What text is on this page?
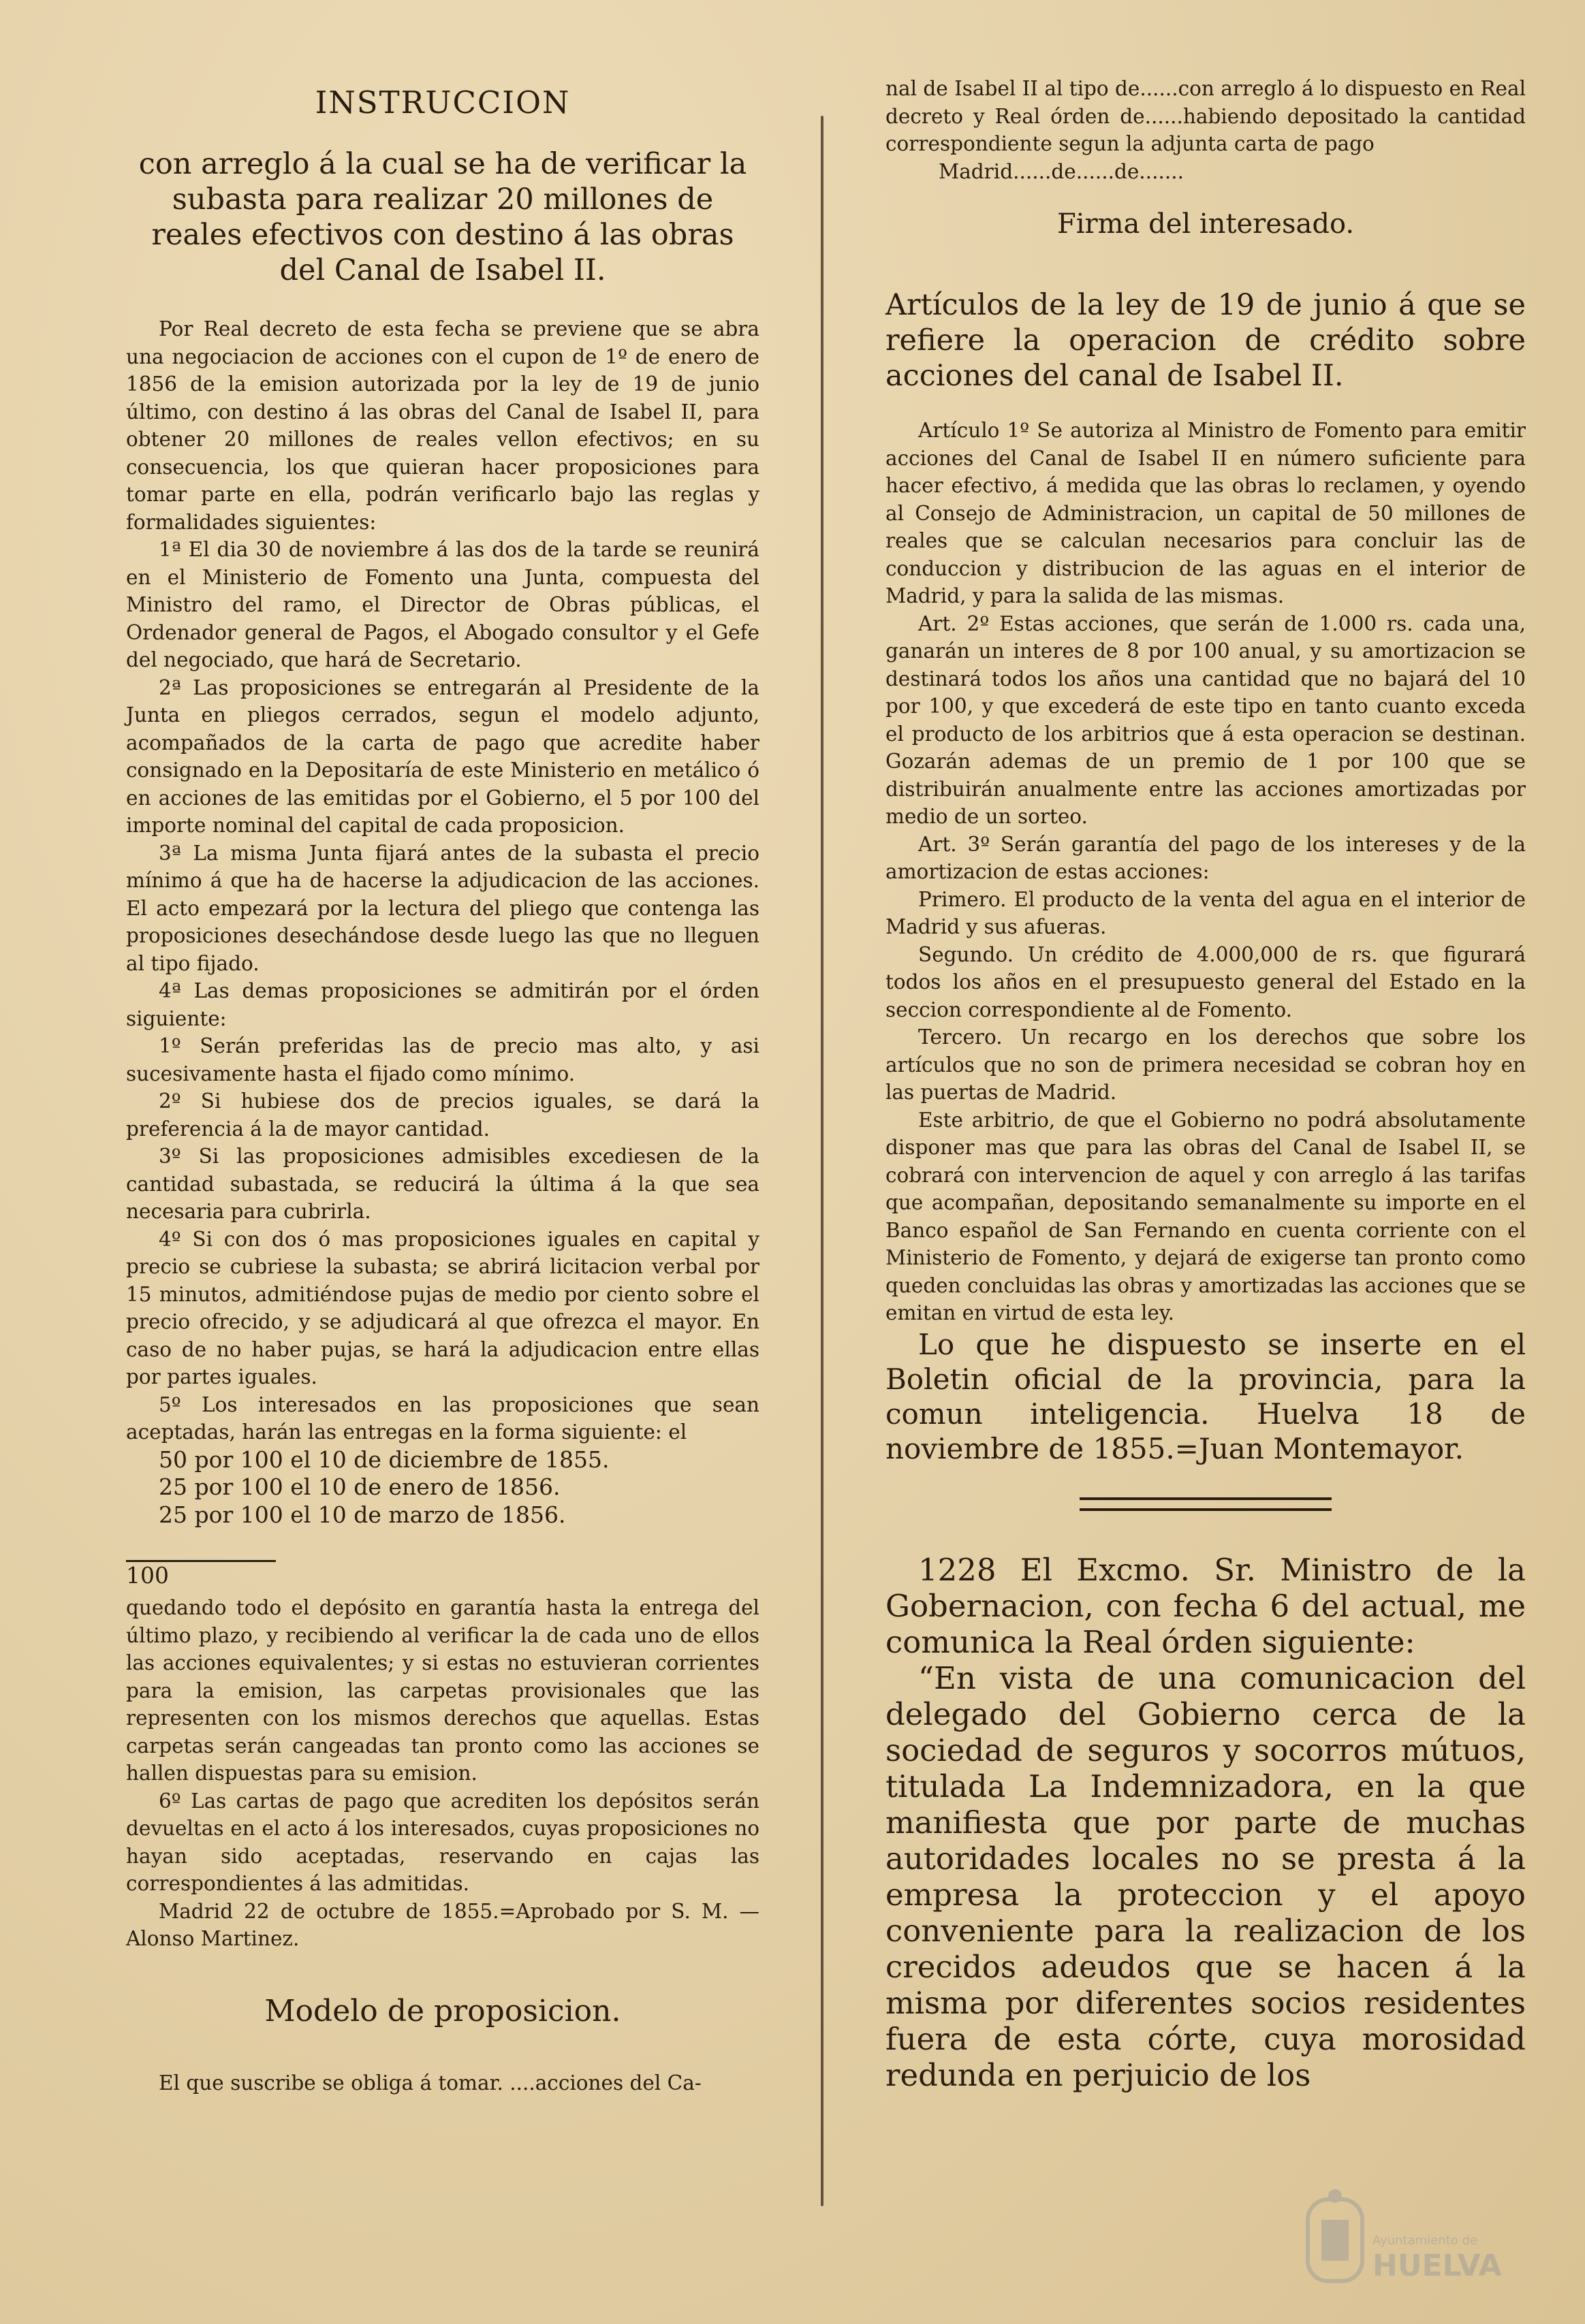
INSTRUCCION

con arreglo á la cual se ha de verificar la subasta para realizar 20 millones de reales efectivos con destino á las obras del Canal de Isabel II.

Por Real decreto de esta fecha se previene que se abra una negociacion de acciones con el cupon de 1º de enero de 1856 de la emision autorizada por la ley de 19 de junio último, con destino á las obras del Canal de Isabel II, para obtener 20 millones de reales vellon efectivos; en su consecuencia, los que quieran hacer proposiciones para tomar parte en ella, podrán verificarlo bajo las reglas y formalidades siguientes:

1ª El dia 30 de noviembre á las dos de la tarde se reunirá en el Ministerio de Fomento una Junta, compuesta del Ministro del ramo, el Director de Obras públicas, el Ordenador general de Pagos, el Abogado consultor y el Gefe del negociado, que hará de Secretario.

2ª Las proposiciones se entregarán al Presidente de la Junta en pliegos cerrados, segun el modelo adjunto, acompañados de la carta de pago que acredite haber consignado en la Depositaría de este Ministerio en metálico ó en acciones de las emitidas por el Gobierno, el 5 por 100 del importe nominal del capital de cada proposicion.

3ª La misma Junta fijará antes de la subasta el precio mínimo á que ha de hacerse la adjudicacion de las acciones. El acto empezará por la lectura del pliego que contenga las proposiciones desechándose desde luego las que no lleguen al tipo fijado.

4ª Las demas proposiciones se admitirán por el órden siguiente:

1º Serán preferidas las de precio mas alto, y asi sucesivamente hasta el fijado como mínimo.

2º Si hubiese dos de precios iguales, se dará la preferencia á la de mayor cantidad.

3º Si las proposiciones admisibles excediesen de la cantidad subastada, se reducirá la última á la que sea necesaria para cubrirla.

4º Si con dos ó mas proposiciones iguales en capital y precio se cubriese la subasta; se abrirá licitacion verbal por 15 minutos, admitiéndose pujas de medio por ciento sobre el precio ofrecido, y se adjudicará al que ofrezca el mayor. En caso de no haber pujas, se hará la adjudicacion entre ellas por partes iguales.

5º Los interesados en las proposiciones que sean aceptadas, harán las entregas en la forma siguiente: el

50 por 100 el 10 de diciembre de 1855.

25 por 100 el 10 de enero de 1856.

25 por 100 el 10 de marzo de 1856.

100

quedando todo el depósito en garantía hasta la entrega del último plazo, y recibiendo al verificar la de cada uno de ellos las acciones equivalentes; y si estas no estuvieran corrientes para la emision, las carpetas provisionales que las representen con los mismos derechos que aquellas. Estas carpetas serán cangeadas tan pronto como las acciones se hallen dispuestas para su emision.

6º Las cartas de pago que acrediten los depósitos serán devueltas en el acto á los interesados, cuyas proposiciones no hayan sido aceptadas, reservando en cajas las correspondientes á las admitidas.

Madrid 22 de octubre de 1855.=Aprobado por S. M. —Alonso Martinez.

Modelo de proposicion.

El que suscribe se obliga á tomar. ....acciones del Ca-

nal de Isabel II al tipo de......con arreglo á lo dispuesto en Real decreto y Real órden de......habiendo depositado la cantidad correspondiente segun la adjunta carta de pago

Madrid......de......de.......

Firma del interesado.

Artículos de la ley de 19 de junio á que se refiere la operacion de crédito sobre acciones del canal de Isabel II.

Artículo 1º Se autoriza al Ministro de Fomento para emitir acciones del Canal de Isabel II en número suficiente para hacer efectivo, á medida que las obras lo reclamen, y oyendo al Consejo de Administracion, un capital de 50 millones de reales que se calculan necesarios para concluir las de conduccion y distribucion de las aguas en el interior de Madrid, y para la salida de las mismas.

Art. 2º Estas acciones, que serán de 1.000 rs. cada una, ganarán un interes de 8 por 100 anual, y su amortizacion se destinará todos los años una cantidad que no bajará del 10 por 100, y que excederá de este tipo en tanto cuanto exceda el producto de los arbitrios que á esta operacion se destinan. Gozarán ademas de un premio de 1 por 100 que se distribuirán anualmente entre las acciones amortizadas por medio de un sorteo.

Art. 3º Serán garantía del pago de los intereses y de la amortizacion de estas acciones:

Primero. El producto de la venta del agua en el interior de Madrid y sus afueras.

Segundo. Un crédito de 4.000,000 de rs. que figurará todos los años en el presupuesto general del Estado en la seccion correspondiente al de Fomento.

Tercero. Un recargo en los derechos que sobre los artículos que no son de primera necesidad se cobran hoy en las puertas de Madrid.

Este arbitrio, de que el Gobierno no podrá absolutamente disponer mas que para las obras del Canal de Isabel II, se cobrará con intervencion de aquel y con arreglo á las tarifas que acompañan, depositando semanalmente su importe en el Banco español de San Fernando en cuenta corriente con el Ministerio de Fomento, y dejará de exigerse tan pronto como queden concluidas las obras y amortizadas las acciones que se emitan en virtud de esta ley.

Lo que he dispuesto se inserte en el Boletin oficial de la provincia, para la comun inteligencia. Huelva 18 de noviembre de 1855.=Juan Montemayor.

1228 El Excmo. Sr. Ministro de la Gobernacion, con fecha 6 del actual, me comunica la Real órden siguiente:

“En vista de una comunicacion del delegado del Gobierno cerca de la sociedad de seguros y socorros mútuos, titulada La Indemnizadora, en la que manifiesta que por parte de muchas autoridades locales no se presta á la empresa la proteccion y el apoyo conveniente para la realizacion de los crecidos adeudos que se hacen á la misma por diferentes socios residentes fuera de esta córte, cuya morosidad redunda en perjuicio de los

Ayuntamiento de
HUELVA
